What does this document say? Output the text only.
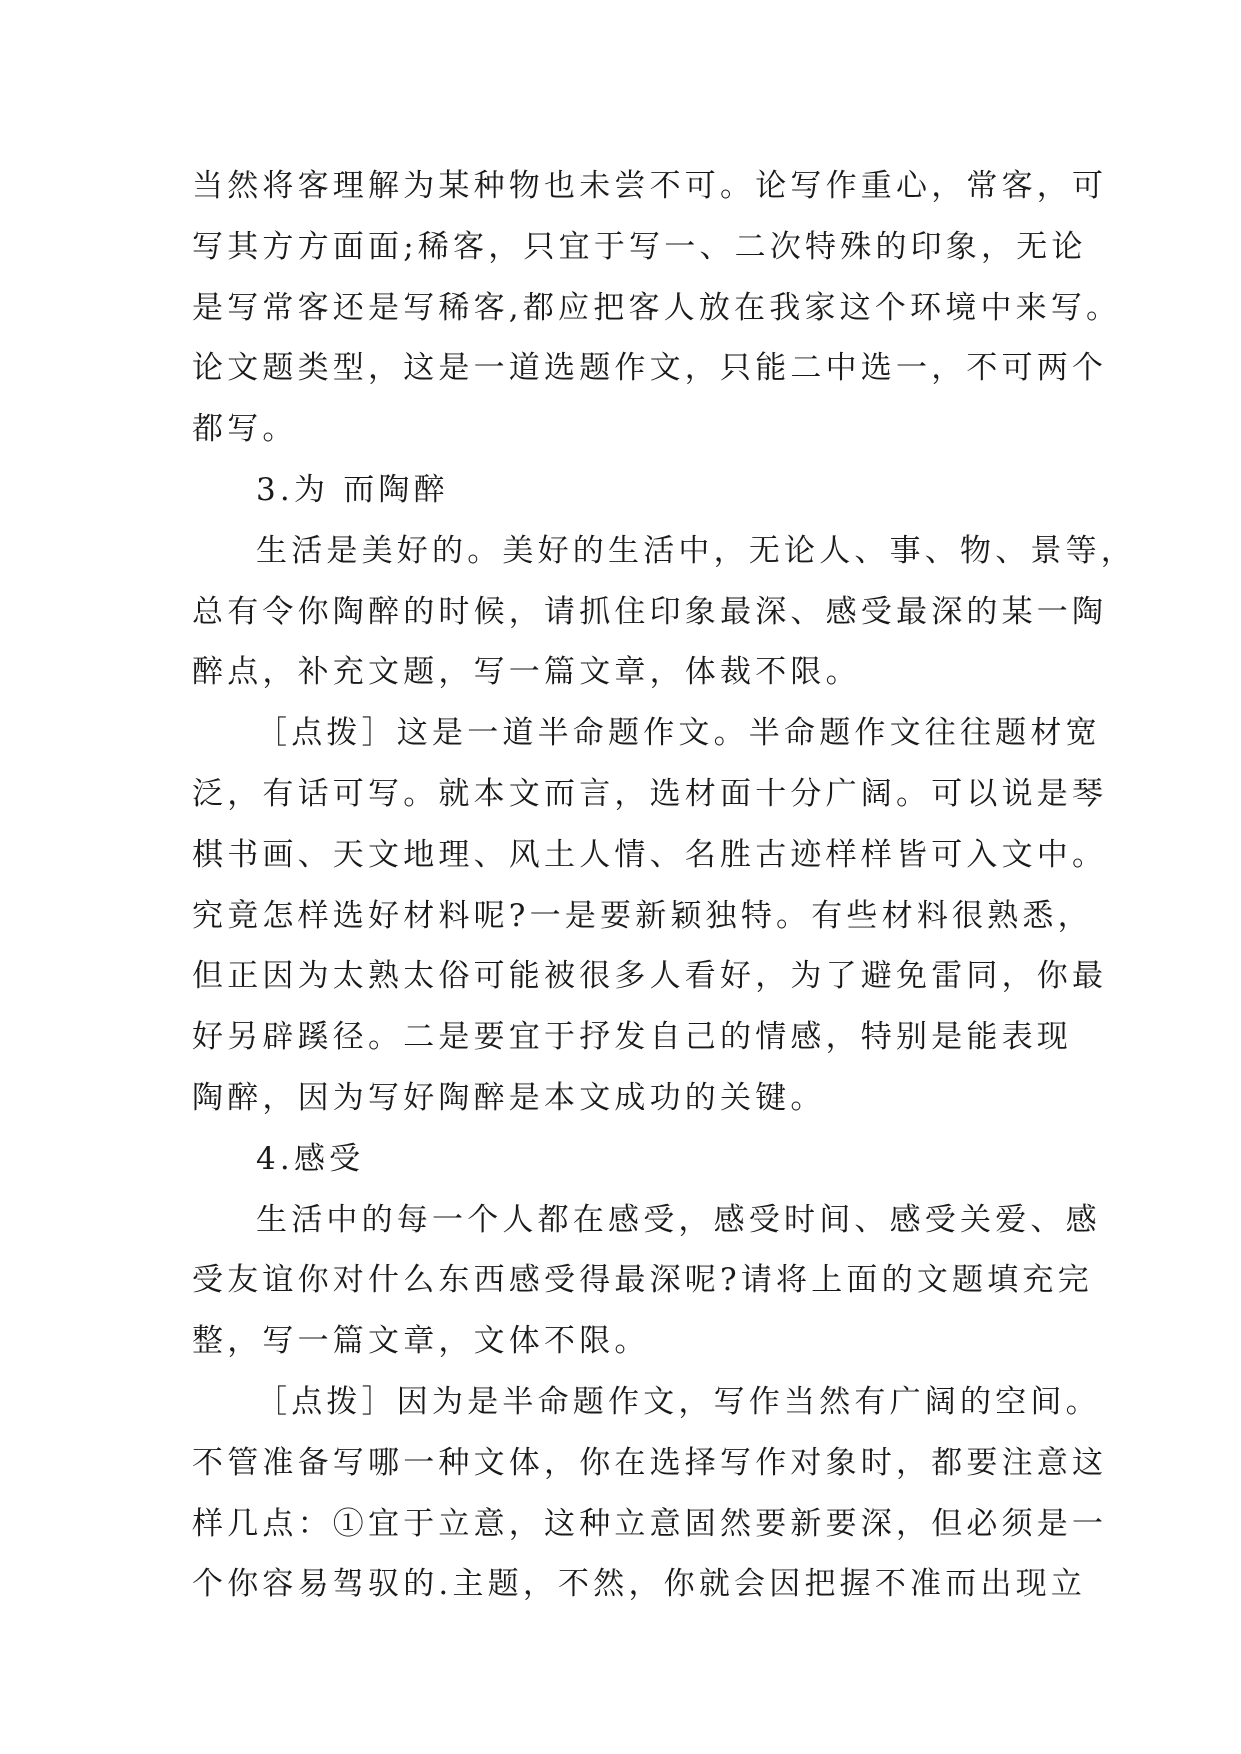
当然将客理解为某种物也未尝不可。论写作重心，常客，可
写其方方面面;稀客，只宜于写一、二次特殊的印象，无论
是写常客还是写稀客,都应把客人放在我家这个环境中来写。
论文题类型，这是一道选题作文，只能二中选一，不可两个
都写。
3.为 而陶醉
生活是美好的。美好的生活中，无论人、事、物、景等，
总有令你陶醉的时候，请抓住印象最深、感受最深的某一陶
醉点，补充文题，写一篇文章，体裁不限。
［点拨］这是一道半命题作文。半命题作文往往题材宽
泛，有话可写。就本文而言，选材面十分广阔。可以说是琴
棋书画、天文地理、风土人情、名胜古迹样样皆可入文中。
究竟怎样选好材料呢?一是要新颖独特。有些材料很熟悉，
但正因为太熟太俗可能被很多人看好，为了避免雷同，你最
好另辟蹊径。二是要宜于抒发自己的情感，特别是能表现
陶醉，因为写好陶醉是本文成功的关键。
4.感受
生活中的每一个人都在感受，感受时间、感受关爱、感
受友谊你对什么东西感受得最深呢?请将上面的文题填充完
整，写一篇文章，文体不限。
［点拨］因为是半命题作文，写作当然有广阔的空间。
不管准备写哪一种文体，你在选择写作对象时，都要注意这
样几点：①宜于立意，这种立意固然要新要深，但必须是一
个你容易驾驭的.主题，不然，你就会因把握不准而出现立
